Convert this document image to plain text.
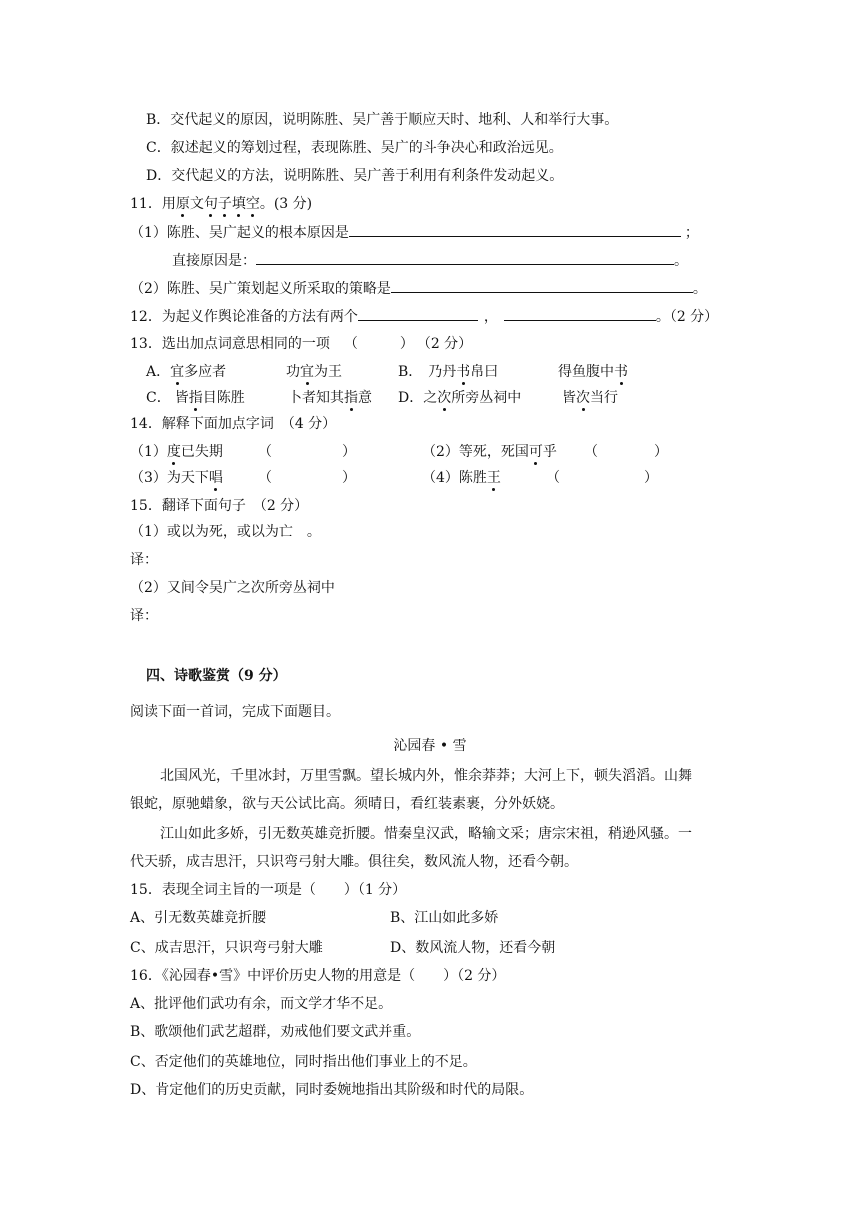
B．交代起义的原因，说明陈胜、吴广善于顺应天时、地利、人和举行大事。
C．叙述起义的筹划过程，表现陈胜、吴广的斗争决心和政治远见。
D．交代起义的方法，说明陈胜、吴广善于利用有利条件发动起义。
11．用原文句子填空。(3 分)
（1）陈胜、吴广起义的根本原因是	；
直接原因是：	。
（2）陈胜、吴广策划起义所采取的策略是	。
12．为起义作舆论准备的方法有两个	，	。（2 分）
13．选出加点词意思相同的一项 （　　　） （2 分）
A．宜多应者	功宜为王	B． 乃丹书帛曰	得鱼腹中书
C． 皆指目陈胜	卜者知其指意 D．之次所旁丛祠中	皆次当行
14．解释下面加点字词　（4 分）
（1）度已失期	（	）	（2）等死，死国可乎 （	）
（3）为天下唱	（	）	（4）陈胜王	（	）
15．翻译下面句子　（2 分）
（1）或以为死，或以为亡　。
译：
（2）又间令吴广之次所旁丛祠中
译：
四、诗歌鉴赏（9 分）
阅读下面一首词，完成下面题目。
沁园春 • 雪
北国风光，千里冰封，万里雪飘。望长城内外，惟余莽莽；大河上下，顿失滔滔。山舞
银蛇，原驰蜡象，欲与天公试比高。须晴日，看红装素裹，分外妖娆。
江山如此多娇，引无数英雄竞折腰。惜秦皇汉武，略输文采；唐宗宋祖，稍逊风骚。一
代天骄，成吉思汗，只识弯弓射大雕。俱往矣，数风流人物，还看今朝。
15．表现全词主旨的一项是（　　）（1 分）
A、引无数英雄竞折腰	B、江山如此多娇
C、成吉思汗，只识弯弓射大雕	D、数风流人物，还看今朝
16．《沁园春•雪》中评价历史人物的用意是（　　）（2 分）
A、批评他们武功有余，而文学才华不足。
B、歌颂他们武艺超群，劝戒他们要文武并重。
C、否定他们的英雄地位，同时指出他们事业上的不足。
D、肯定他们的历史贡献，同时委婉地指出其阶级和时代的局限。
